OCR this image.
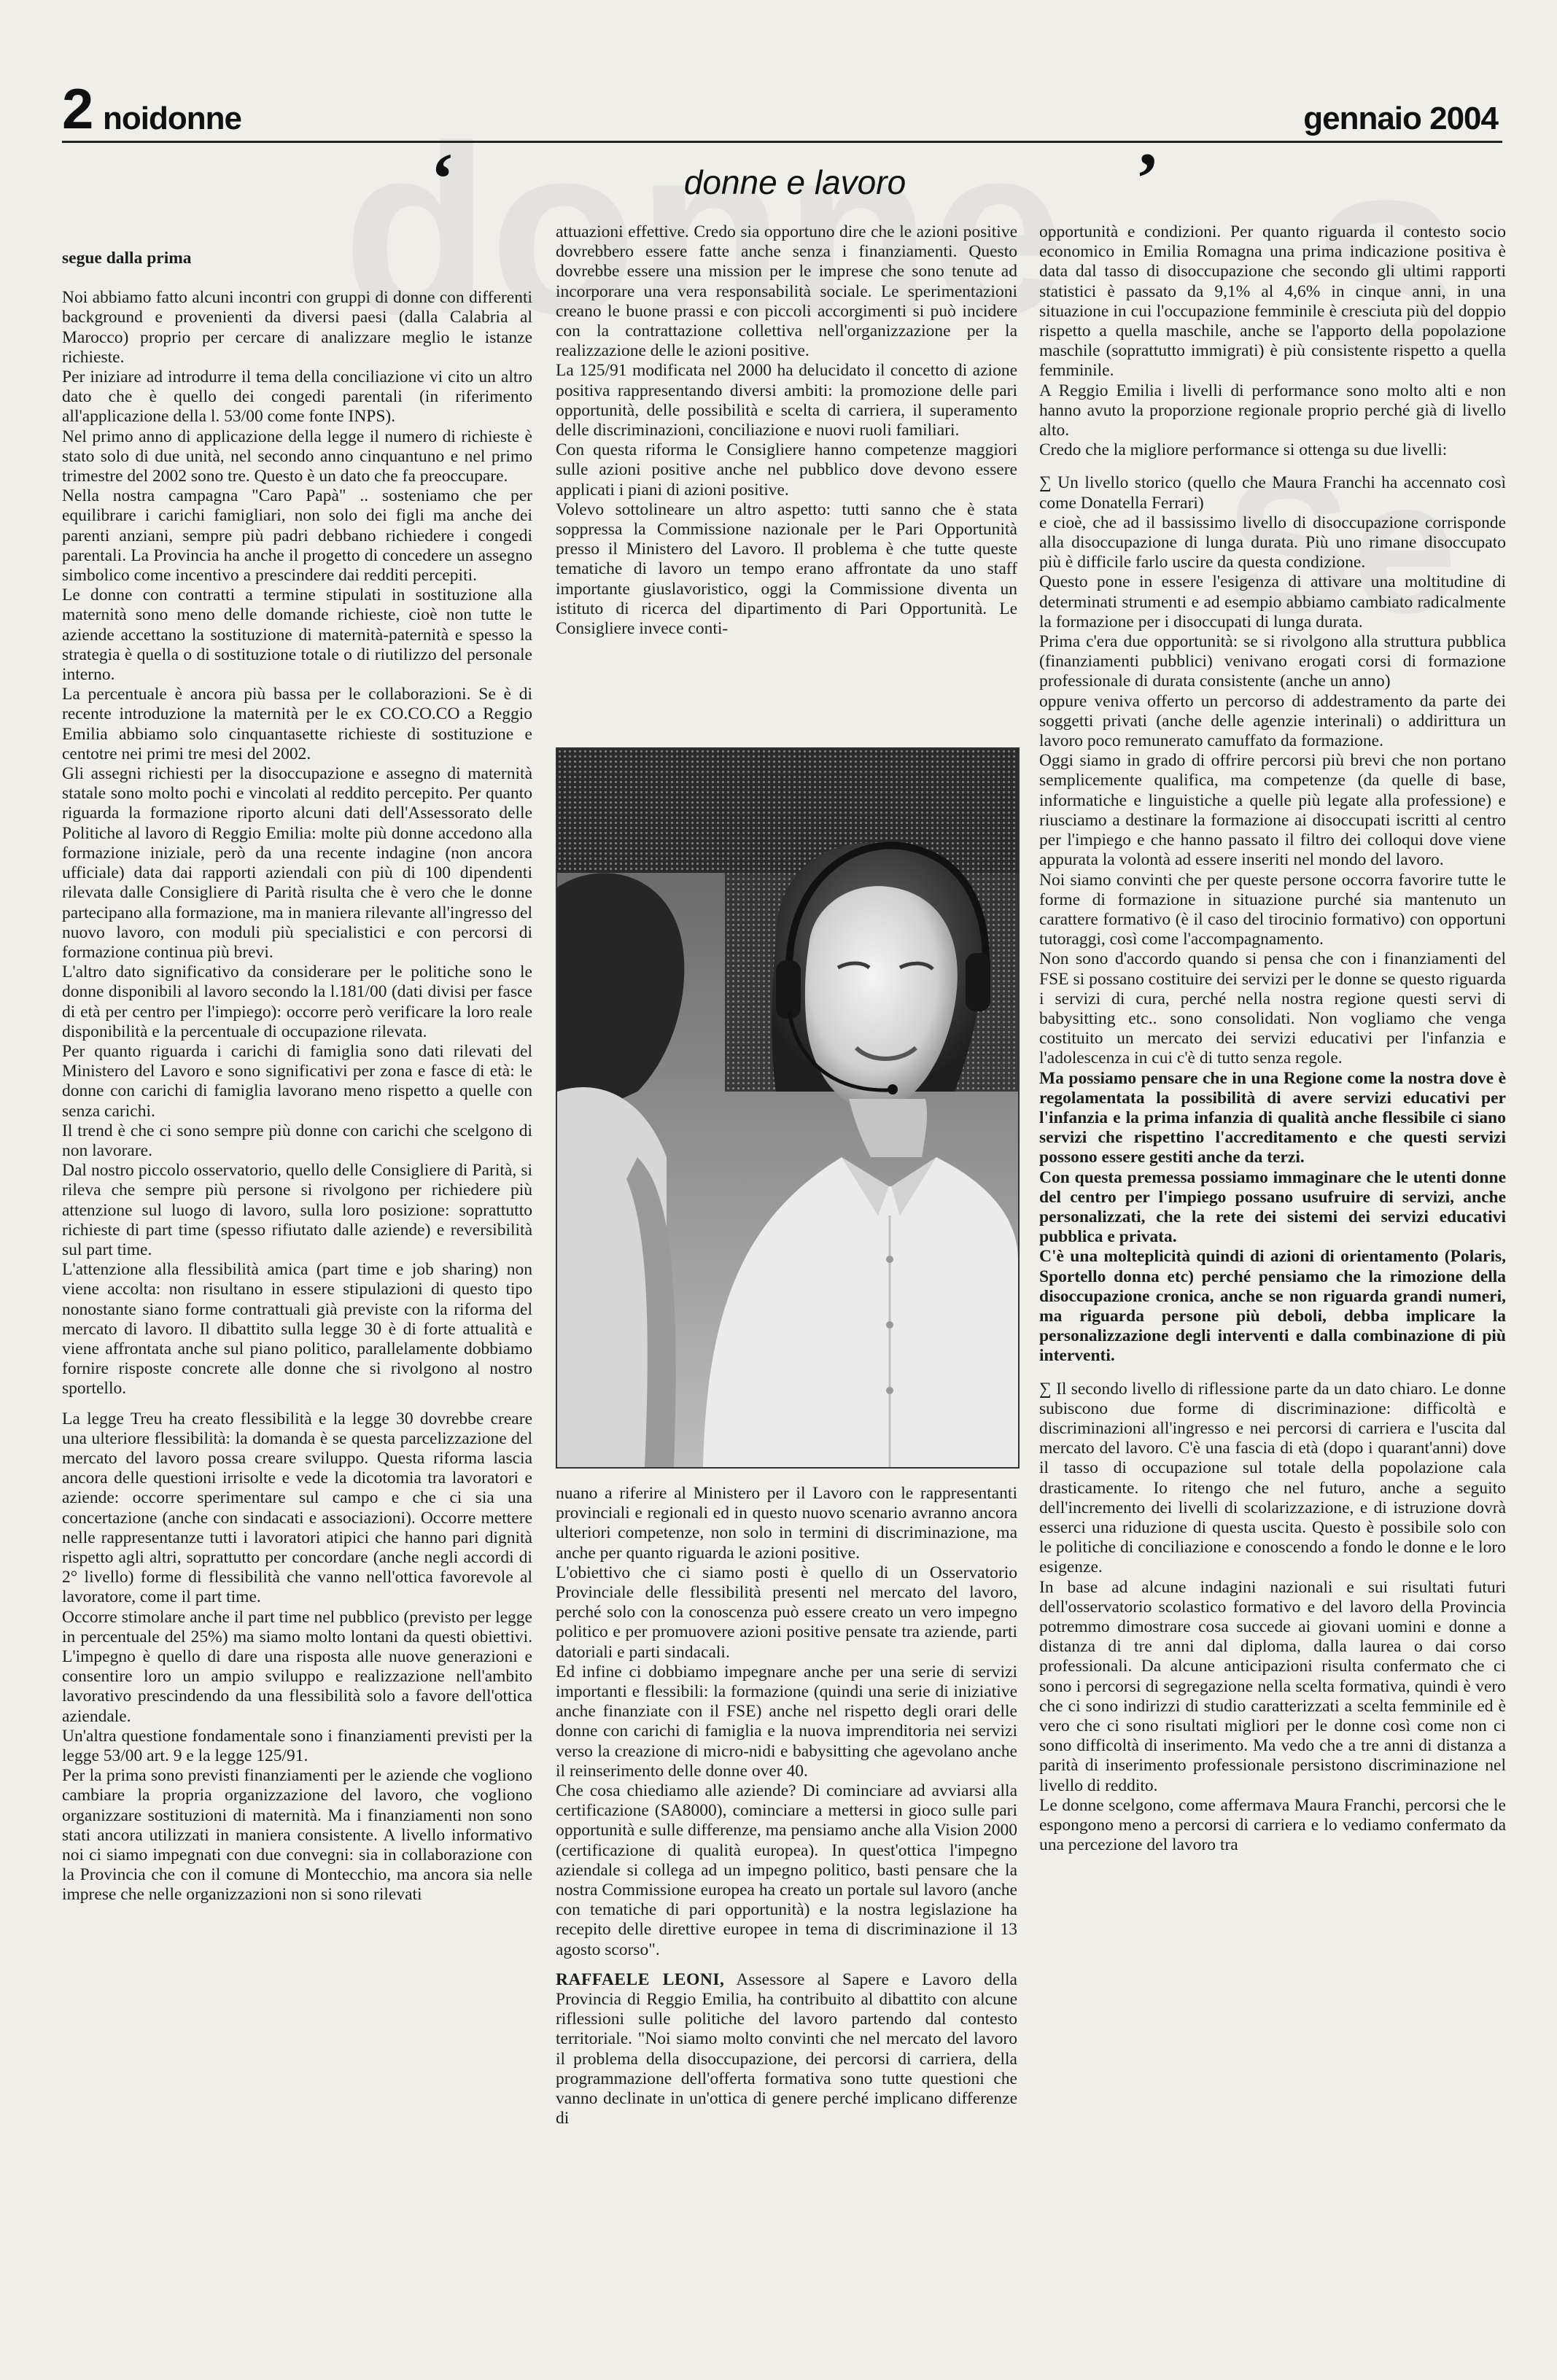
2 noidonne	gennaio 2004
‘	donne e lavoro	’

segue dalla prima

Noi abbiamo fatto alcuni incontri con gruppi di donne con differenti background e provenienti da diversi paesi (dalla Calabria al Marocco) proprio per cercare di analizzare meglio le istanze richieste.

Per iniziare ad introdurre il tema della conciliazione vi cito un altro dato che è quello dei congedi parentali (in riferimento all'applicazione della l. 53/00 come fonte INPS).

Nel primo anno di applicazione della legge il numero di richieste è stato solo di due unità, nel secondo anno cinquantuno e nel primo trimestre del 2002 sono tre. Questo è un dato che fa preoccupare.

Nella nostra campagna "Caro Papà" .. sosteniamo che per equilibrare i carichi famigliari, non solo dei figli ma anche dei parenti anziani, sempre più padri debbano richiedere i congedi parentali. La Provincia ha anche il progetto di concedere un assegno simbolico come incentivo a prescindere dai redditi percepiti.

Le donne con contratti a termine stipulati in sostituzione alla maternità sono meno delle domande richieste, cioè non tutte le aziende accettano la sostituzione di maternità-paternità e spesso la strategia è quella o di sostituzione totale o di riutilizzo del personale interno.

La percentuale è ancora più bassa per le collaborazioni. Se è di recente introduzione la maternità per le ex CO.CO.CO a Reggio Emilia abbiamo solo cinquantasette richieste di sostituzione e centotre nei primi tre mesi del 2002.

Gli assegni richiesti per la disoccupazione e assegno di maternità statale sono molto pochi e vincolati al reddito percepito. Per quanto riguarda la formazione riporto alcuni dati dell'Assessorato delle Politiche al lavoro di Reggio Emilia: molte più donne accedono alla formazione iniziale, però da una recente indagine (non ancora ufficiale) data dai rapporti aziendali con più di 100 dipendenti rilevata dalle Consigliere di Parità risulta che è vero che le donne partecipano alla formazione, ma in maniera rilevante all'ingresso del nuovo lavoro, con moduli più specialistici e con percorsi di formazione continua più brevi.

L'altro dato significativo da considerare per le politiche sono le donne disponibili al lavoro secondo la l.181/00 (dati divisi per fasce di età per centro per l'impiego): occorre però verificare la loro reale disponibilità e la percentuale di occupazione rilevata.

Per quanto riguarda i carichi di famiglia sono dati rilevati del Ministero del Lavoro e sono significativi per zona e fasce di età: le donne con carichi di famiglia lavorano meno rispetto a quelle con senza carichi.

Il trend è che ci sono sempre più donne con carichi che scelgono di non lavorare.

Dal nostro piccolo osservatorio, quello delle Consigliere di Parità, si rileva che sempre più persone si rivolgono per richiedere più attenzione sul luogo di lavoro, sulla loro posizione: soprattutto richieste di part time (spesso rifiutato dalle aziende) e reversibilità sul part time.

L'attenzione alla flessibilità amica (part time e job sharing) non viene accolta: non risultano in essere stipulazioni di questo tipo nonostante siano forme contrattuali già previste con la riforma del mercato di lavoro. Il dibattito sulla legge 30 è di forte attualità e viene affrontata anche sul piano politico, parallelamente dobbiamo fornire risposte concrete alle donne che si rivolgono al nostro sportello.

La legge Treu ha creato flessibilità e la legge 30 dovrebbe creare una ulteriore flessibilità: la domanda è se questa parcelizzazione del mercato del lavoro possa creare sviluppo. Questa riforma lascia ancora delle questioni irrisolte e vede la dicotomia tra lavoratori e aziende: occorre sperimentare sul campo e che ci sia una concertazione (anche con sindacati e associazioni). Occorre mettere nelle rappresentanze tutti i lavoratori atipici che hanno pari dignità rispetto agli altri, soprattutto per concordare (anche negli accordi di 2° livello) forme di flessibilità che vanno nell'ottica favorevole al lavoratore, come il part time.

Occorre stimolare anche il part time nel pubblico (previsto per legge in percentuale del 25%) ma siamo molto lontani da questi obiettivi. L'impegno è quello di dare una risposta alle nuove generazioni e consentire loro un ampio sviluppo e realizzazione nell'ambito lavorativo prescindendo da una flessibilità solo a favore dell'ottica aziendale.

Un'altra questione fondamentale sono i finanziamenti previsti per la legge 53/00 art. 9 e la legge 125/91.

Per la prima sono previsti finanziamenti per le aziende che vogliono cambiare la propria organizzazione del lavoro, che vogliono organizzare sostituzioni di maternità. Ma i finanziamenti non sono stati ancora utilizzati in maniera consistente. A livello informativo noi ci siamo impegnati con due convegni: sia in collaborazione con la Provincia che con il comune di Montecchio, ma ancora sia nelle imprese che nelle organizzazioni non si sono rilevati

attuazioni effettive. Credo sia opportuno dire che le azioni positive dovrebbero essere fatte anche senza i finanziamenti. Questo dovrebbe essere una mission per le imprese che sono tenute ad incorporare una vera responsabilità sociale. Le sperimentazioni creano le buone prassi e con piccoli accorgimenti si può incidere con la contrattazione collettiva nell'organizzazione per la realizzazione delle le azioni positive.

La 125/91 modificata nel 2000 ha delucidato il concetto di azione positiva rappresentando diversi ambiti: la promozione delle pari opportunità, delle possibilità e scelta di carriera, il superamento delle discriminazioni, conciliazione e nuovi ruoli familiari.

Con questa riforma le Consigliere hanno competenze maggiori sulle azioni positive anche nel pubblico dove devono essere applicati i piani di azioni positive.

Volevo sottolineare un altro aspetto: tutti sanno che è stata soppressa la Commissione nazionale per le Pari Opportunità presso il Ministero del Lavoro. Il problema è che tutte queste tematiche di lavoro un tempo erano affrontate da uno staff importante giuslavoristico, oggi la Commissione diventa un istituto di ricerca del dipartimento di Pari Opportunità. Le Consigliere invece conti-

nuano a riferire al Ministero per il Lavoro con le rappresentanti provinciali e regionali ed in questo nuovo scenario avranno ancora ulteriori competenze, non solo in termini di discriminazione, ma anche per quanto riguarda le azioni positive.

L'obiettivo che ci siamo posti è quello di un Osservatorio Provinciale delle flessibilità presenti nel mercato del lavoro, perché solo con la conoscenza può essere creato un vero impegno politico e per promuovere azioni positive pensate tra aziende, parti datoriali e parti sindacali.

Ed infine ci dobbiamo impegnare anche per una serie di servizi importanti e flessibili: la formazione (quindi una serie di iniziative anche finanziate con il FSE) anche nel rispetto degli orari delle donne con carichi di famiglia e la nuova imprenditoria nei servizi verso la creazione di micro-nidi e babysitting che agevolano anche il reinserimento delle donne over 40.

Che cosa chiediamo alle aziende? Di cominciare ad avviarsi alla certificazione (SA8000), cominciare a mettersi in gioco sulle pari opportunità e sulle differenze, ma pensiamo anche alla Vision 2000 (certificazione di qualità europea). In quest'ottica l'impegno aziendale si collega ad un impegno politico, basti pensare che la nostra Commissione europea ha creato un portale sul lavoro (anche con tematiche di pari opportunità) e la nostra legislazione ha recepito delle direttive europee in tema di discriminazione il 13 agosto scorso".

RAFFAELE LEONI, Assessore al Sapere e Lavoro della Provincia di Reggio Emilia, ha contribuito al dibattito con alcune riflessioni sulle politiche del lavoro partendo dal contesto territoriale. "Noi siamo molto convinti che nel mercato del lavoro il problema della disoccupazione, dei percorsi di carriera, della programmazione dell'offerta formativa sono tutte questioni che vanno declinate in un'ottica di genere perché implicano differenze di

opportunità e condizioni. Per quanto riguarda il contesto socio economico in Emilia Romagna una prima indicazione positiva è data dal tasso di disoccupazione che secondo gli ultimi rapporti statistici è passato da 9,1% al 4,6% in cinque anni, in una situazione in cui l'occupazione femminile è cresciuta più del doppio rispetto a quella maschile, anche se l'apporto della popolazione maschile (soprattutto immigrati) è più consistente rispetto a quella femminile.

A Reggio Emilia i livelli di performance sono molto alti e non hanno avuto la proporzione regionale proprio perché già di livello alto.

Credo che la migliore performance si ottenga su due livelli:

∑ Un livello storico (quello che Maura Franchi ha accennato così come Donatella Ferrari)

e cioè, che ad il bassissimo livello di disoccupazione corrisponde alla disoccupazione di lunga durata. Più uno rimane disoccupato più è difficile farlo uscire da questa condizione.

Questo pone in essere l'esigenza di attivare una moltitudine di determinati strumenti e ad esempio abbiamo cambiato radicalmente la formazione per i disoccupati di lunga durata.

Prima c'era due opportunità: se si rivolgono alla struttura pubblica (finanziamenti pubblici) venivano erogati corsi di formazione professionale di durata consistente (anche un anno)

oppure veniva offerto un percorso di addestramento da parte dei soggetti privati (anche delle agenzie interinali) o addirittura un lavoro poco remunerato camuffato da formazione.

Oggi siamo in grado di offrire percorsi più brevi che non portano semplicemente qualifica, ma competenze (da quelle di base, informatiche e linguistiche a quelle più legate alla professione) e riusciamo a destinare la formazione ai disoccupati iscritti al centro per l'impiego e che hanno passato il filtro dei colloqui dove viene appurata la volontà ad essere inseriti nel mondo del lavoro.

Noi siamo convinti che per queste persone occorra favorire tutte le forme di formazione in situazione purché sia mantenuto un carattere formativo (è il caso del tirocinio formativo) con opportuni tutoraggi, così come l'accompagnamento.

Non sono d'accordo quando si pensa che con i finanziamenti del FSE si possano costituire dei servizi per le donne se questo riguarda i servizi di cura, perché nella nostra regione questi servi di babysitting etc.. sono consolidati. Non vogliamo che venga costituito un mercato dei servizi educativi per l'infanzia e l'adolescenza in cui c'è di tutto senza regole.

Ma possiamo pensare che in una Regione come la nostra dove è regolamentata la possibilità di avere servizi educativi per l'infanzia e la prima infanzia di qualità anche flessibile ci siano servizi che rispettino l'accreditamento e che questi servizi possono essere gestiti anche da terzi.

Con questa premessa possiamo immaginare che le utenti donne del centro per l'impiego possano usufruire di servizi, anche personalizzati, che la rete dei sistemi dei servizi educativi pubblica e privata.

C'è una molteplicità quindi di azioni di orientamento (Polaris, Sportello donna etc) perché pensiamo che la rimozione della disoccupazione cronica, anche se non riguarda grandi numeri, ma riguarda persone più deboli, debba implicare la personalizzazione degli interventi e dalla combinazione di più interventi.

∑ Il secondo livello di riflessione parte da un dato chiaro. Le donne subiscono due forme di discriminazione: difficoltà e discriminazioni all'ingresso e nei percorsi di carriera e l'uscita dal mercato del lavoro. C'è una fascia di età (dopo i quarant'anni) dove il tasso di occupazione sul totale della popolazione cala drasticamente. Io ritengo che nel futuro, anche a seguito dell'incremento dei livelli di scolarizzazione, e di istruzione dovrà esserci una riduzione di questa uscita. Questo è possibile solo con le politiche di conciliazione e conoscendo a fondo le donne e le loro esigenze.

In base ad alcune indagini nazionali e sui risultati futuri dell'osservatorio scolastico formativo e del lavoro della Provincia potremmo dimostrare cosa succede ai giovani uomini e donne a distanza di tre anni dal diploma, dalla laurea o dai corso professionali. Da alcune anticipazioni risulta confermato che ci sono i percorsi di segregazione nella scelta formativa, quindi è vero che ci sono indirizzi di studio caratterizzati a scelta femminile ed è vero che ci sono risultati migliori per le donne così come non ci sono difficoltà di inserimento. Ma vedo che a tre anni di distanza a parità di inserimento professionale persistono discriminazione nel livello di reddito.

Le donne scelgono, come affermava Maura Franchi, percorsi che le espongono meno a percorsi di carriera e lo vediamo confermato da una percezione del lavoro tra
